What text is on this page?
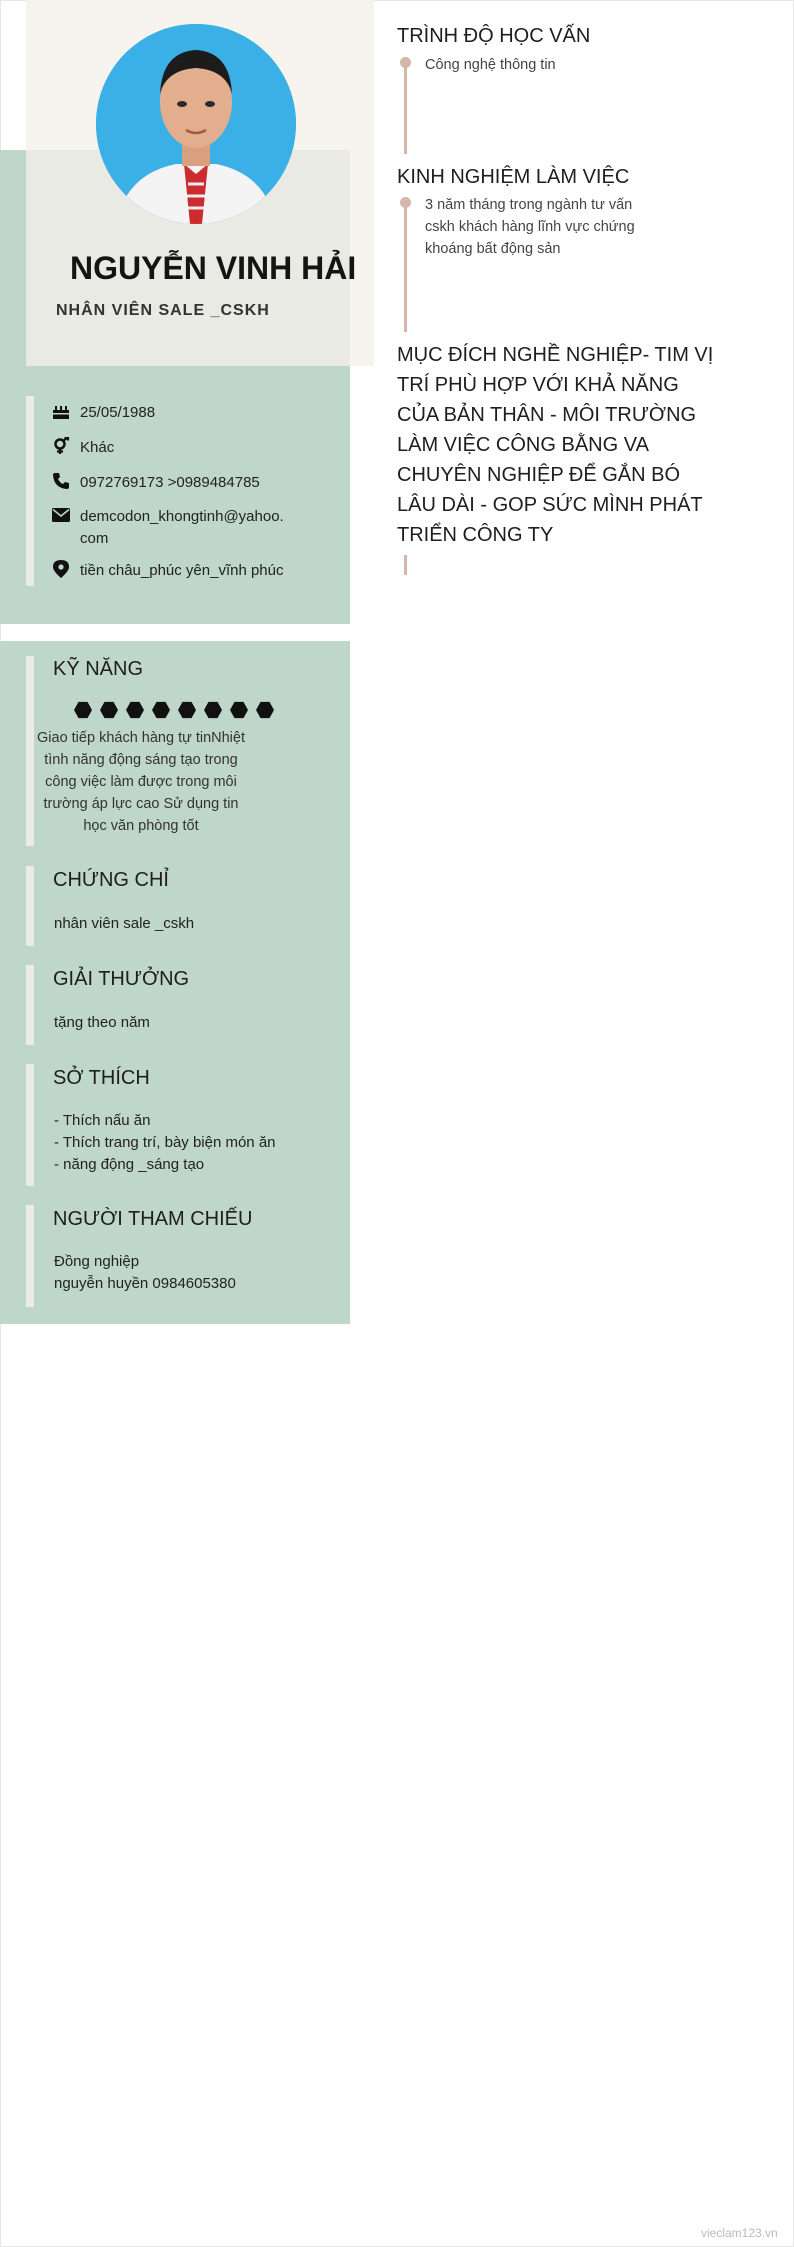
NGUYỄN VINH HẢI
NHÂN VIÊN SALE _CSKH
25/05/1988
Khác
0972769173 >0989484785
demcodon_khongtinh@yahoo.
com
tiền châu_phúc yên_vĩnh phúc
KỸ NĂNG
Giao tiếp khách hàng tự tinNhiệt tình năng động sáng tạo trong công việc làm được trong môi trường áp lực cao Sử dụng tin học văn phòng tốt
CHỨNG CHỈ
nhân viên sale _cskh
GIẢI THƯỞNG
tặng theo năm
SỞ THÍCH
- Thích nấu ăn
- Thích trang trí, bày biện món ăn
- năng động _sáng tạo
NGƯỜI THAM CHIẾU
Đồng nghiệp
nguyễn huyền 0984605380
TRÌNH ĐỘ HỌC VẤN
Công nghệ thông tin
KINH NGHIỆM LÀM VIỆC
3 năm tháng trong ngành tư vấn
cskh khách hàng lĩnh vực chứng
khoáng bất động sản
MỤC ĐÍCH NGHỀ NGHIỆP- TIM VỊ TRÍ PHÙ HỢP VỚI KHẢ NĂNG CỦA BẢN THÂN - MÔI TRƯỜNG LÀM VIỆC CÔNG BẰNG VA CHUYÊN NGHIỆP ĐỂ GẮN BÓ LÂU DÀI - GOP SỨC MÌNH PHÁT TRIỂN CÔNG TY
vieclam123.vn
